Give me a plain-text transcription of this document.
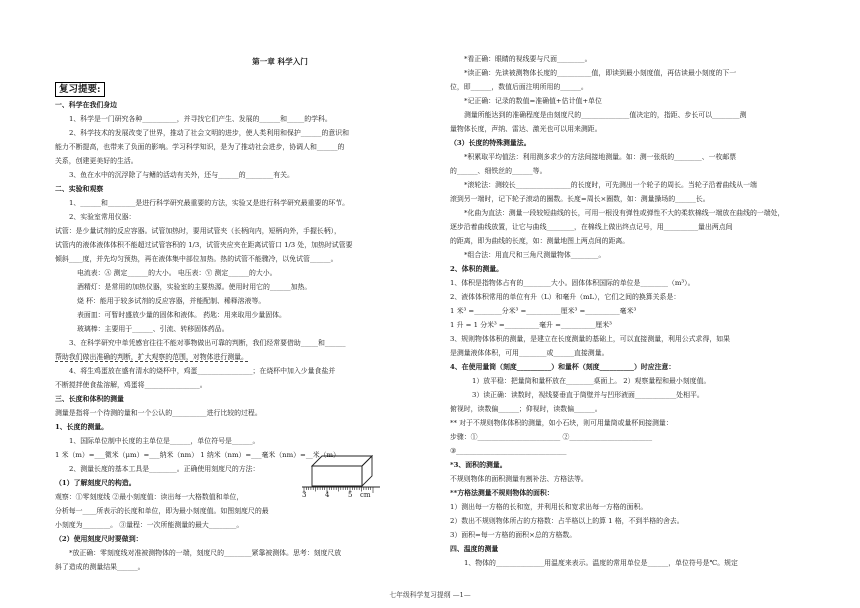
第一章 科学入门
复习提要:
一、科学在我们身边
1、科学是一门研究各种__________，并寻找它们产生、发展的______和_____的学科。
2、科学技术的发展改变了世界，推动了社会文明的进步，使人类利用和保护______的意识和
能力不断提高，也带来了负面的影响。学习科学知识，是为了推动社会进步，协调人和______的
关系，创建更美好的生活。
3、鱼在水中的沉浮除了与鳍的活动有关外，还与______的________有关。
二、实验和观察
1、______和________是进行科学研究最重要的方法，实验又是进行科学研究最重要的环节。
2、实验室常用仪器：
试管：是少量试剂的反应容器。试管加热时，要用试管夹（长柄向内，短柄向外，手握长柄），
试管内的液体液体体积不能超过试管容积的 1/3，试管夹应夹在距离试管口 1/3 处，加热时试管要
倾斜____度，并先均匀预热，再在液体集中部位加热。热的试管不能骤冷，以免试管______。
电流表：Ⓐ 测定______的大小。 电压表：Ⓥ 测定______的大小。
酒精灯：是常用的加热仪器，实验室的主要热源。使用时用它的______加热。
烧 杯：能用于较多试剂的反应容器，并能配制、稀释溶液等。
表面皿：可暂时盛放少量的固体和液体。 药匙：用来取用少量固体。
玻璃棒：主要用于______、引流、转移固体药品。
3、在科学研究中单凭感官往往不能对事物做出可靠的判断，我们经常要借助_____和______
帮助我们做出准确的判断，扩大观察的范围，对物体进行测量。
4、将生鸡蛋放在盛有清水的烧杯中，鸡蛋________________；在烧杯中加入少量食盐并
不断搅拌使食盐溶解，鸡蛋将________________。
三、长度和体积的测量
测量是指将一个待测的量和一个公认的__________进行比较的过程。
1、长度的测量。
1、国际单位制中长度的主单位是______，单位符号是______。
1 米（m）=___微米（μm）=___纳米（nm） 1 纳米（nm）=___毫米（nm）=__米（m）
2、测量长度的基本工具是________。正确使用刻度尺的方法：
（1）了解刻度尺的构造。
观察：①零刻度线 ②最小刻度值：读出每一大格数值和单位，
分析每一____所表示的长度和单位，即为最小刻度值。如图刻度尺的最
小刻度为________。 ③量程：一次所能测量的最大________。
（2）使用刻度尺时要做到：
*放正确：零刻度线对准被测物体的一端，刻度尺的________紧靠被测体。思考：刻度尺放
斜了造成的测量结果______。
*看正确：眼睛的视线要与尺面________。
*读正确：先读被测物体长度的__________值，即读到最小刻度值，再估读最小刻度的下一
位，即______，数值后面注明所用的______。
*记正确：记录的数值=准确值+估计值+单位
测量所能达到的准确程度是由刻度尺的______________值决定的，指距、步长可以________测
量物体长度，声纳、雷达、激光也可以用来测距。
（3）长度的特殊测量法。
*积累取平均值法：利用测多求少的方法间接地测量。如：测一张纸的________、一枚邮票
的______、细铁丝的______等。
*滚轮法：测较长________________的长度时，可先测出一个轮子的周长。当轮子沿着曲线从一端
滚到另一端时，记下轮子滚动的圈数。长度=周长×圈数，如：测量操场的______长。
*化曲为直法：测量一段较短曲线的长，可用一根没有弹性或弹性不大的柔软棉线一端放在曲线的一端处，
逐步沿着曲线放置，让它与曲线________，在棉线上做出终点记号，用__________量出两点间
的距离，即为曲线的长度，如：测量地图上两点间的距离。
*组合法：用直尺和三角尺测量物体________。
2、体积的测量。
1、体积是指物体占有的________大小。固体体积国际的单位是________（m³）。
2、液体体积常用的单位有升（L）和毫升（mL），它们之间的换算关系是：
1 米³ =________分米³ =__________厘米³ =__________毫米³
1 升 = 1 分米³ =__________毫升 =__________厘米³
3、规则物体体积的测量，是建立在长度测量的基础上，可以直接测量，利用公式求得，如果
是测量液体体积，可用________或______直接测量。
4、在使用量筒（刻度__________）和量杯（刻度__________）时应注意：
1）放平稳：把量筒和量杯放在________桌面上。 2）观察量程和最小刻度值。
3）读正确：读数时，视线要垂直于筒壁并与凹形液面____________处相平。
俯视时，读数偏______；仰视时，读数偏______。
** 对于不规则物体体积的测量，如小石块，则可用量筒或量杯间接测量：
步骤：①________________________ ②________________________
③________________________________
*3、面积的测量。
不规则物体的面积测量有割补法、方格法等。
**方格法测量不规则物体的面积：
1）测出每一方格的长和宽，并利用长和宽求出每一方格的面积。
2）数出不规则物体所占的方格数：占半格以上的算 1 格，不到半格的舍去。
3）面积=每一方格的面积×总的方格数。
四、温度的测量
1、物体的______________用温度来表示。温度的常用单位是______，单位符号是℃。规定
3	4	5 cm
七年级科学复习提纲 —1—
